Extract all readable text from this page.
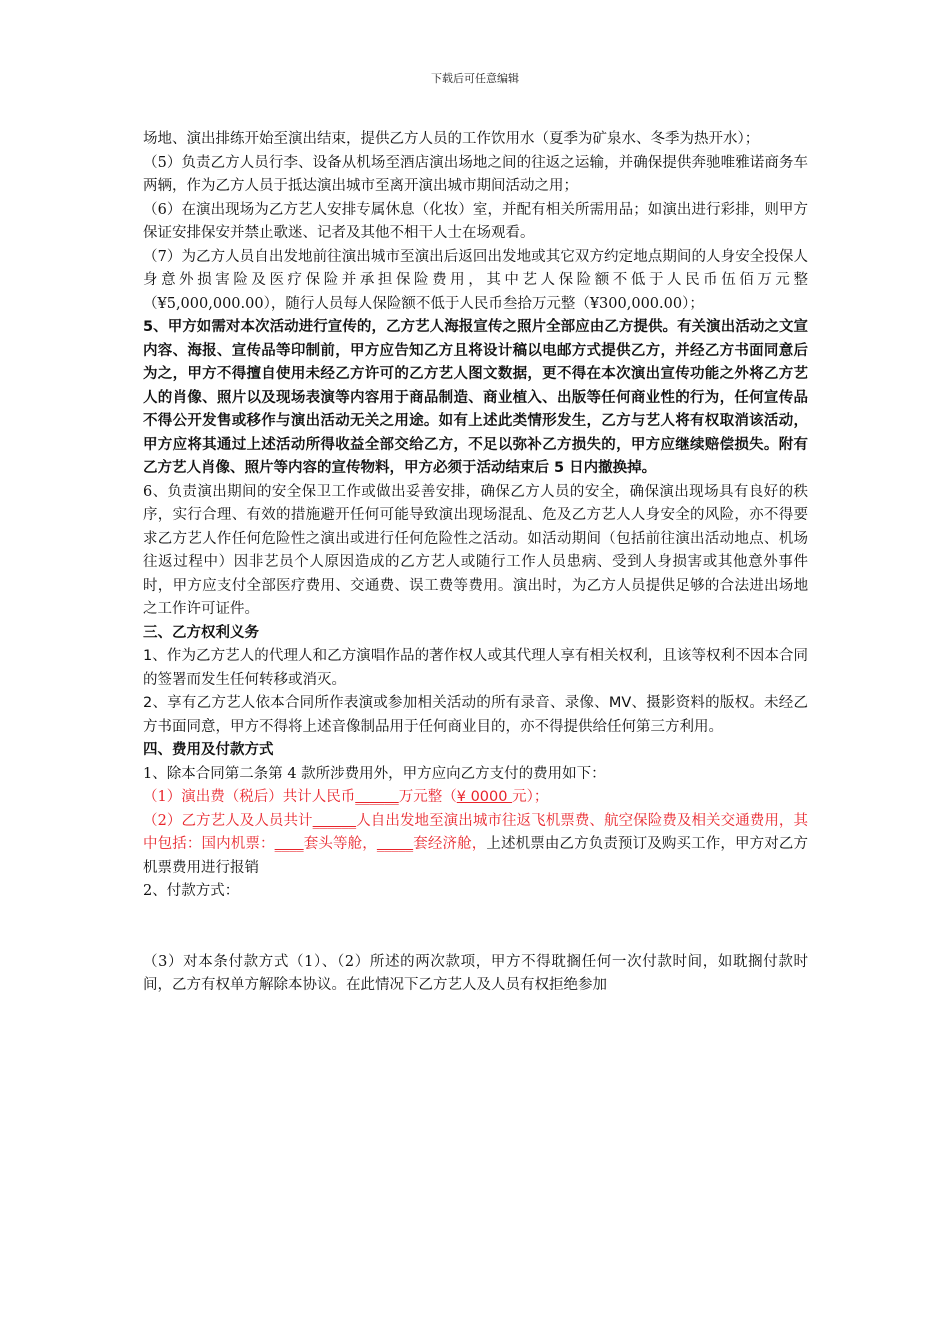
下载后可任意编辑

场地、演出排练开始至演出结束，提供乙方人员的工作饮用水（夏季为矿泉水、冬季为热开水）；

（5）负责乙方人员行李、设备从机场至酒店演出场地之间的往返之运输，并确保提供奔驰唯雅诺商务车两辆，作为乙方人员于抵达演出城市至离开演出城市期间活动之用；

（6）在演出现场为乙方艺人安排专属休息（化妆）室，并配有相关所需用品；如演出进行彩排，则甲方保证安排保安并禁止歌迷、记者及其他不相干人士在场观看。

（7）为乙方人员自出发地前往演出城市至演出后返回出发地或其它双方约定地点期间的人身安全投保人身意外损害险及医疗保险并承担保险费用，其中艺人保险额不低于人民币伍佰万元整（¥5,000,000.00），随行人员每人保险额不低于人民币叁拾万元整（¥300,000.00）；

5、甲方如需对本次活动进行宣传的，乙方艺人海报宣传之照片全部应由乙方提供。有关演出活动之文宣内容、海报、宣传品等印制前，甲方应告知乙方且将设计稿以电邮方式提供乙方，并经乙方书面同意后为之，甲方不得擅自使用未经乙方许可的乙方艺人图文数据，更不得在本次演出宣传功能之外将乙方艺人的肖像、照片以及现场表演等内容用于商品制造、商业植入、出版等任何商业性的行为，任何宣传品不得公开发售或移作与演出活动无关之用途。如有上述此类情形发生，乙方与艺人将有权取消该活动，甲方应将其通过上述活动所得收益全部交给乙方，不足以弥补乙方损失的，甲方应继续赔偿损失。附有乙方艺人肖像、照片等内容的宣传物料，甲方必须于活动结束后 5 日内撤换掉。

6、负责演出期间的安全保卫工作或做出妥善安排，确保乙方人员的安全，确保演出现场具有良好的秩序，实行合理、有效的措施避开任何可能导致演出现场混乱、危及乙方艺人人身安全的风险，亦不得要求乙方艺人作任何危险性之演出或进行任何危险性之活动。如活动期间（包括前往演出活动地点、机场往返过程中）因非艺员个人原因造成的乙方艺人或随行工作人员患病、受到人身损害或其他意外事件时，甲方应支付全部医疗费用、交通费、误工费等费用。演出时，为乙方人员提供足够的合法进出场地之工作许可证件。

三、乙方权利义务

1、作为乙方艺人的代理人和乙方演唱作品的著作权人或其代理人享有相关权利，且该等权利不因本合同的签署而发生任何转移或消灭。

2、享有乙方艺人依本合同所作表演或参加相关活动的所有录音、录像、MV、摄影资料的版权。未经乙方书面同意，甲方不得将上述音像制品用于任何商业目的，亦不得提供给任何第三方利用。

四、费用及付款方式

1、除本合同第二条第 4 款所涉费用外，甲方应向乙方支付的费用如下：

（1）演出费（税后）共计人民币______万元整（¥ 0000 元）；

（2）乙方艺人及人员共计______人自出发地至演出城市往返飞机票费、航空保险费及相关交通费用，其中包括：国内机票：____套头等舱，_____套经济舱，上述机票由乙方负责预订及购买工作，甲方对乙方机票费用进行报销

2、付款方式：

（3）对本条付款方式（1）、（2）所述的两次款项，甲方不得耽搁任何一次付款时间，如耽搁付款时间，乙方有权单方解除本协议。在此情况下乙方艺人及人员有权拒绝参加
